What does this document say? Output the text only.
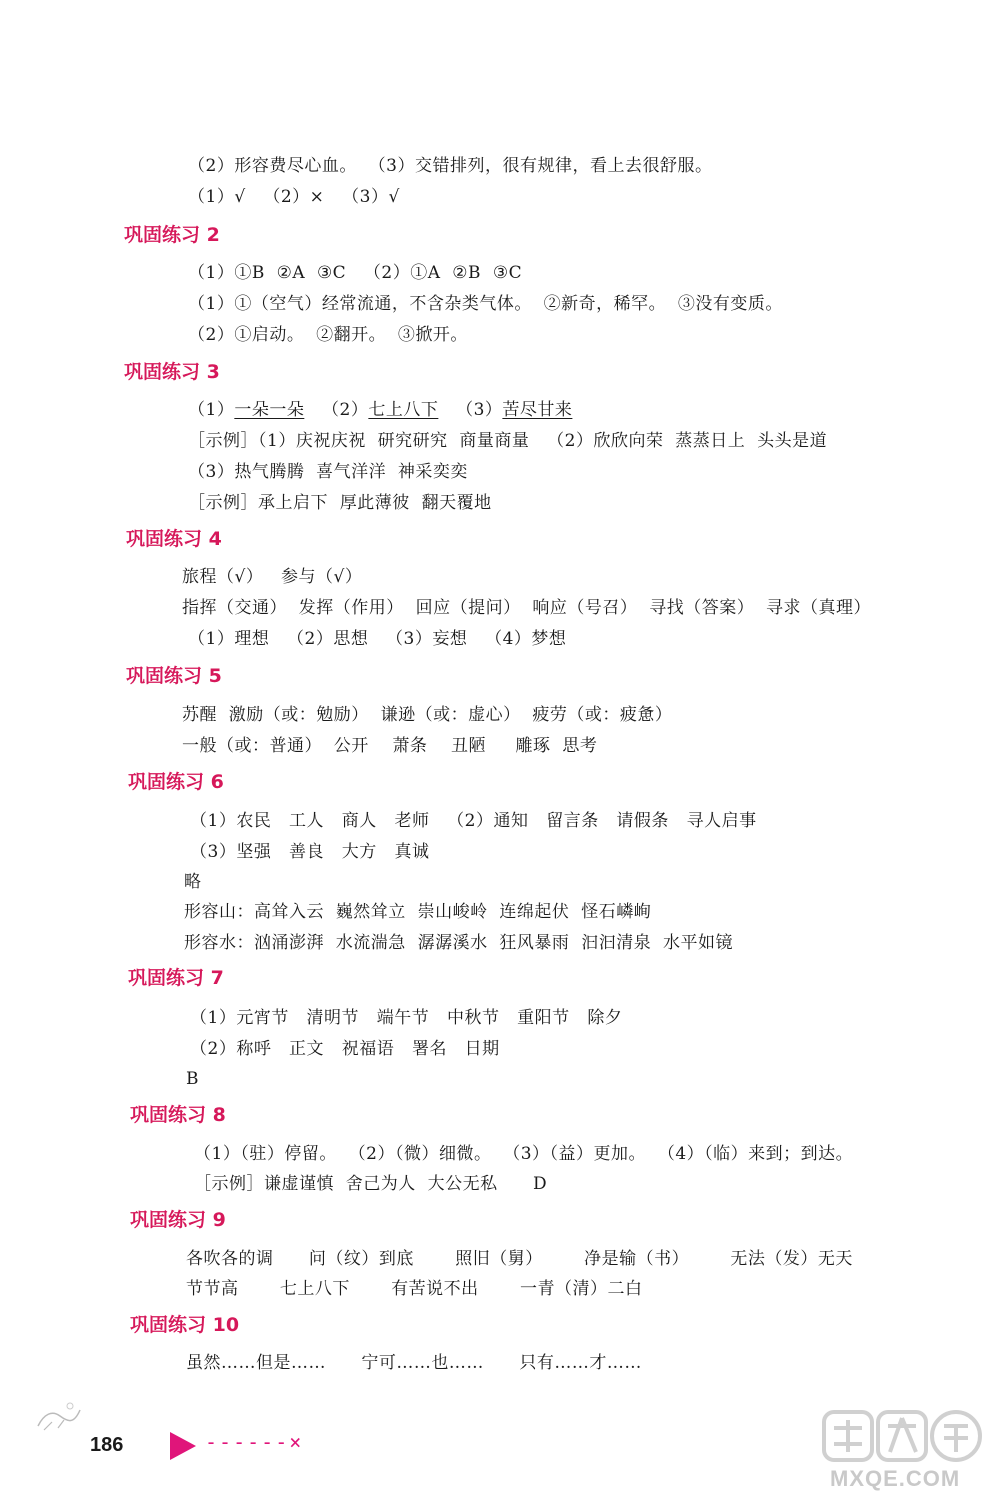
（2）形容费尽心血。  （3）交错排列，很有规律，看上去很舒服。
（1）√   （2）×   （3）√
巩固练习 2
（1）①B  ②A  ③C   （2）①A  ②B  ③C
（1）①（空气）经常流通，不含杂类气体。  ②新奇，稀罕。  ③没有变质。
（2）①启动。  ②翻开。  ③掀开。
巩固练习 3
（1）一朵一朵   （2）七上八下   （3）苦尽甘来
［示例］（1）庆祝庆祝  研究研究  商量商量   （2）欣欣向荣  蒸蒸日上  头头是道
（3）热气腾腾  喜气洋洋  神采奕奕
［示例］承上启下  厚此薄彼  翻天覆地
巩固练习 4
旅程（√）   参与（√）
指挥（交通）  发挥（作用）  回应（提问）  响应（号召）  寻找（答案）  寻求（真理）
（1）理想   （2）思想   （3）妄想   （4）梦想
巩固练习 5
苏醒  激励（或：勉励）  谦逊（或：虚心）  疲劳（或：疲惫）
一般（或：普通）  公开    萧条    丑陋     雕琢  思考
巩固练习 6
（1）农民   工人   商人   老师   （2）通知   留言条   请假条   寻人启事
（3）坚强   善良   大方   真诚
略
形容山：高耸入云  巍然耸立  崇山峻岭  连绵起伏  怪石嶙峋
形容水：汹涌澎湃  水流湍急  潺潺溪水  狂风暴雨  汩汩清泉  水平如镜
巩固练习 7
（1）元宵节   清明节   端午节   中秋节   重阳节   除夕
（2）称呼   正文   祝福语   署名   日期
B
巩固练习 8
（1）（驻）停留。  （2）（微）细微。  （3）（益）更加。  （4）（临）来到；到达。
［示例］谦虚谨慎  舍己为人  大公无私      D
巩固练习 9
各吹各的调      问（纹）到底       照旧（舅）       净是输（书）       无法（发）无天
节节高       七上八下       有苦说不出       一青（清）二白
巩固练习 10
虽然……但是……      宁可……也……      只有……才……
186	------×
MXQE.COM
